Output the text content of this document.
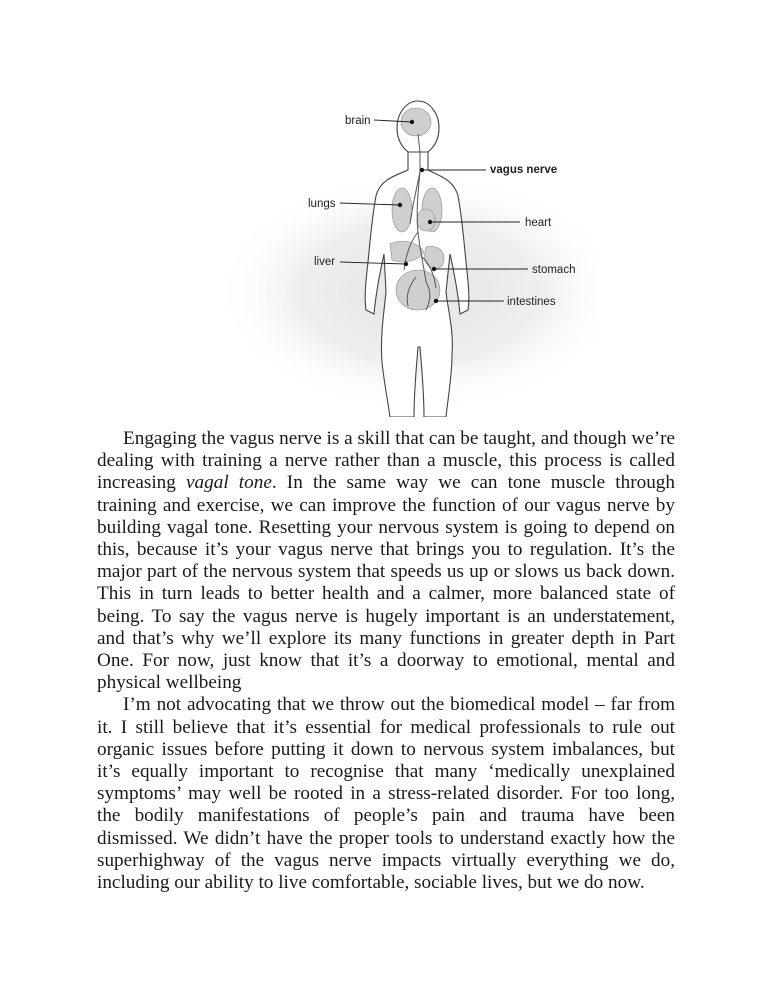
brain
vagus nerve
lungs
heart
liver
stomach
intestines

Engaging the vagus nerve is a skill that can be taught, and though we’re dealing with training a nerve rather than a muscle, this process is called increasing vagal tone. In the same way we can tone muscle through training and exercise, we can improve the function of our vagus nerve by building vagal tone. Resetting your nervous system is going to depend on this, because it’s your vagus nerve that brings you to regulation. It’s the major part of the nervous system that speeds us up or slows us back down. This in turn leads to better health and a calmer, more balanced state of being. To say the vagus nerve is hugely important is an understatement, and that’s why we’ll explore its many functions in greater depth in Part One. For now, just know that it’s a doorway to emotional, mental and physical wellbeing

I’m not advocating that we throw out the biomedical model – far from it. I still believe that it’s essential for medical professionals to rule out organic issues before putting it down to nervous system imbalances, but it’s equally important to recognise that many ‘medically unexplained symptoms’ may well be rooted in a stress-related disorder. For too long, the bodily manifestations of people’s pain and trauma have been dismissed. We didn’t have the proper tools to understand exactly how the superhighway of the vagus nerve impacts virtually everything we do, including our ability to live comfortable, sociable lives, but we do now.
